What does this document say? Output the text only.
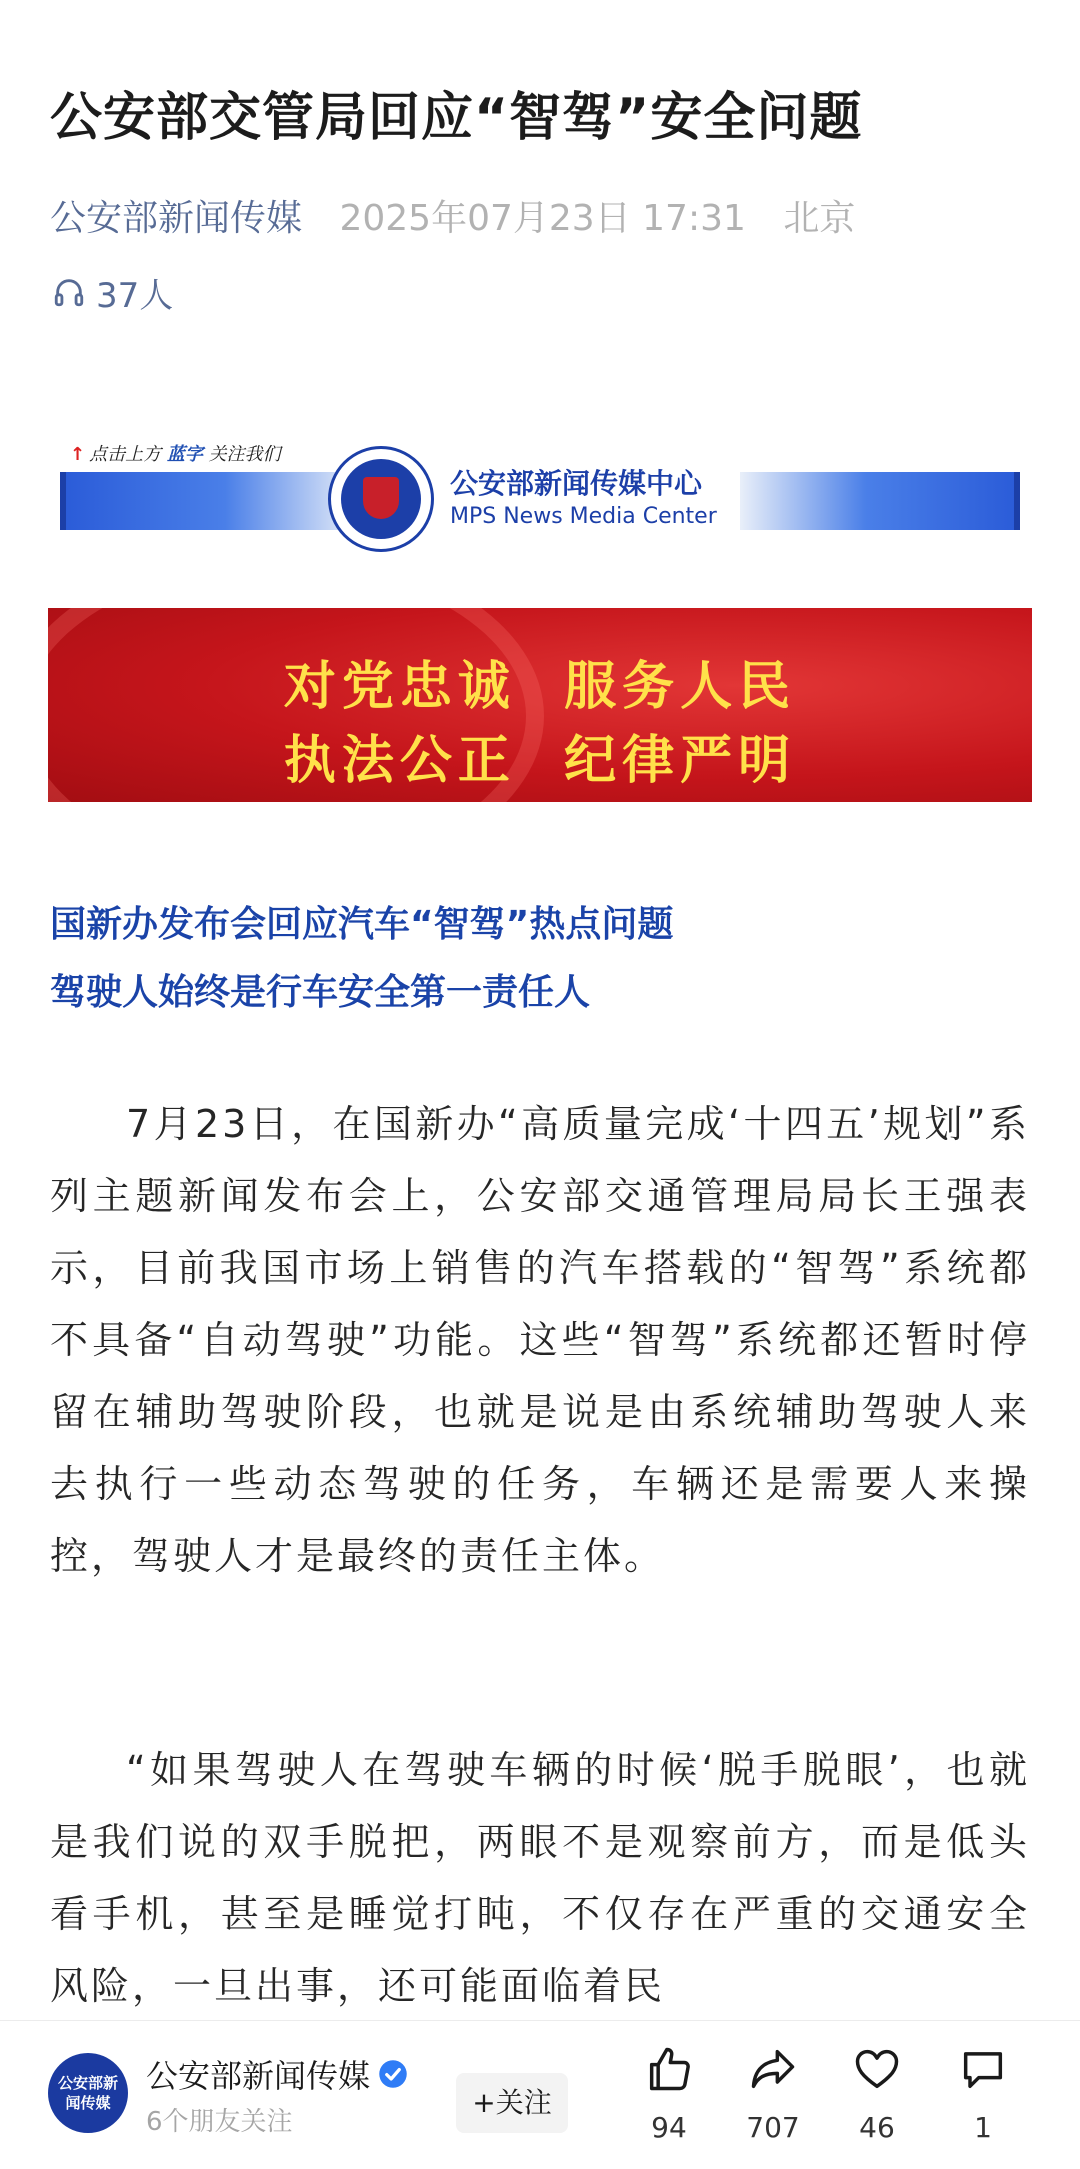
公安部交管局回应“智驾”安全问题
公安部新闻传媒 2025年07月23日 17:31 北京
37人
↑ 点击上方 蓝字 关注我们
公安部新闻传媒中心
MPS News Media Center
对党忠诚  服务人民
执法公正  纪律严明
国新办发布会回应汽车“智驾”热点问题
驾驶人始终是行车安全第一责任人
7月23日，在国新办“高质量完成‘十四五’规划”系列主题新闻发布会上，公安部交通管理局局长王强表示，目前我国市场上销售的汽车搭载的“智驾”系统都不具备“自动驾驶”功能。这些“智驾”系统都还暂时停留在辅助驾驶阶段，也就是说是由系统辅助驾驶人来去执行一些动态驾驶的任务，车辆还是需要人来操控，驾驶人才是最终的责任主体。
“如果驾驶人在驾驶车辆的时候‘脱手脱眼’，也就是我们说的双手脱把，两眼不是观察前方，而是低头看手机，甚至是睡觉打盹，不仅存在严重的交通安全风险，一旦出事，还可能面临着民
公安部新闻传媒
公安部新闻传媒
6个朋友关注
+关注
94	707	46	1
